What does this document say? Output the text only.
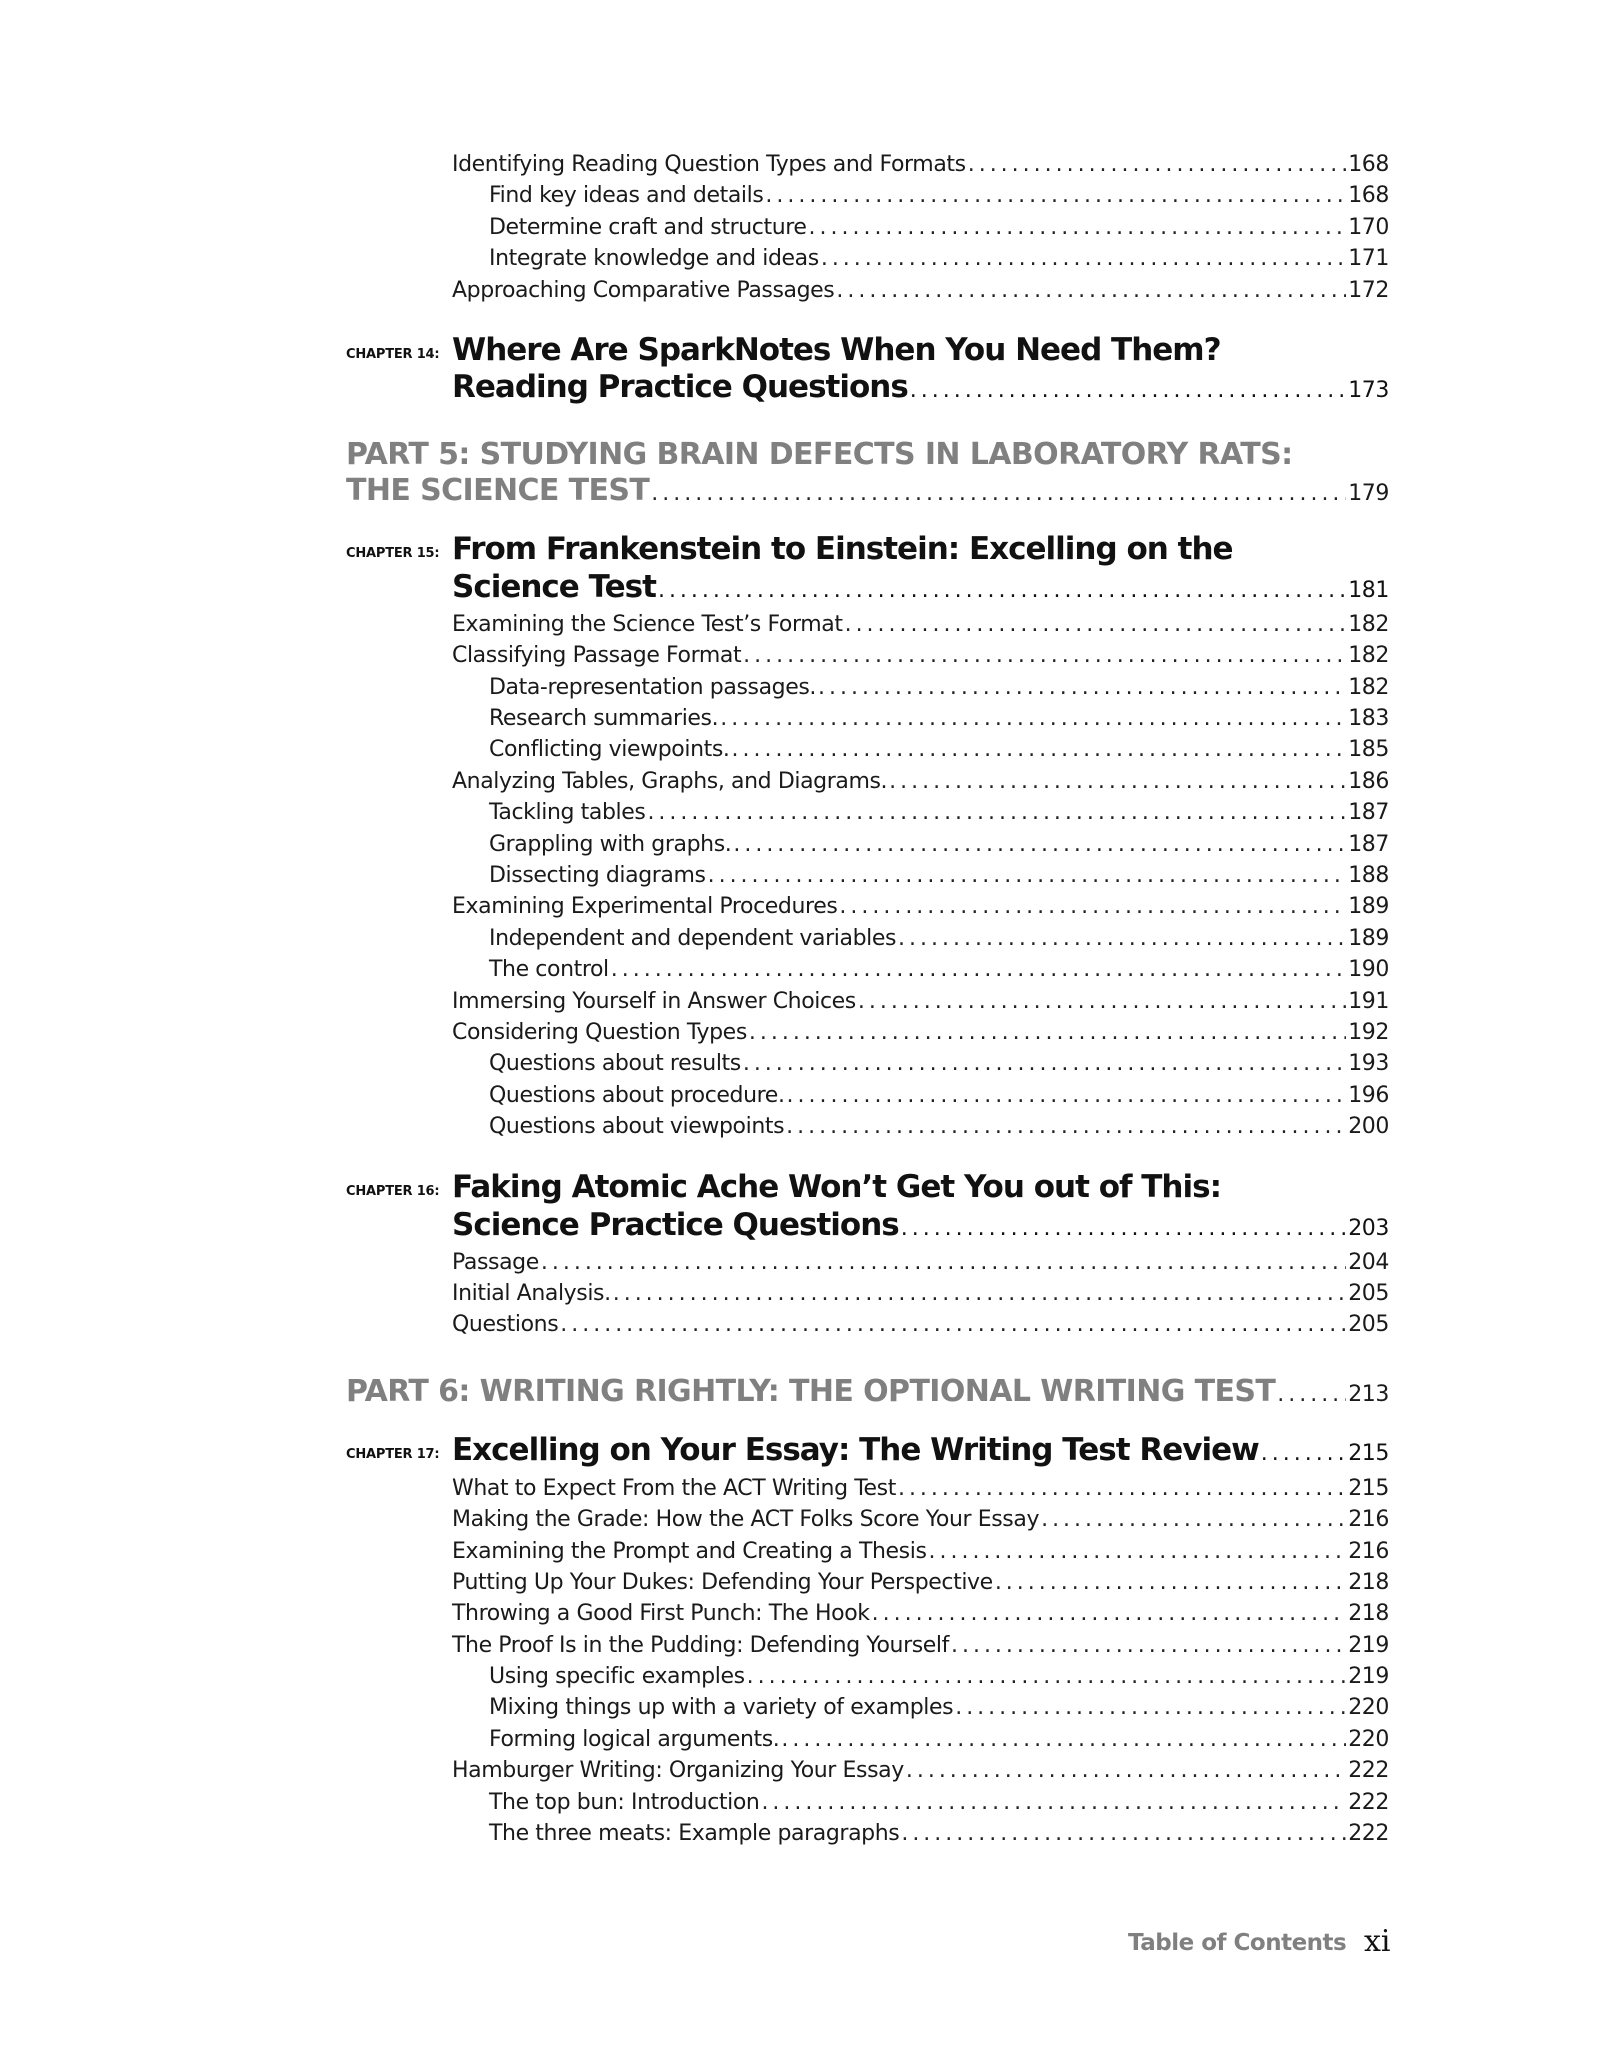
Identifying Reading Question Types and Formats . . .	168
Find key ideas and details . . .	168
Determine craft and structure . . .	170
Integrate knowledge and ideas . . .	171
Approaching Comparative Passages . . .	172
CHAPTER 14: Where Are SparkNotes When You Need Them?
Reading Practice Questions . . .	173
PART 5: STUDYING BRAIN DEFECTS IN LABORATORY RATS:
THE SCIENCE TEST . . .	179
CHAPTER 15: From Frankenstein to Einstein: Excelling on the
Science Test . . .	181
Examining the Science Test’s Format . . .	182
Classifying Passage Format . . .	182
Data-representation passages. . . .	182
Research summaries. . . .	183
Conflicting viewpoints. . . .	185
Analyzing Tables, Graphs, and Diagrams. . . .	186
Tackling tables . . .	187
Grappling with graphs. . . .	187
Dissecting diagrams . . .	188
Examining Experimental Procedures . . .	189
Independent and dependent variables . . .	189
The control . . .	190
Immersing Yourself in Answer Choices . . .	191
Considering Question Types . . .	192
Questions about results . . .	193
Questions about procedure. . . .	196
Questions about viewpoints . . .	200
CHAPTER 16: Faking Atomic Ache Won’t Get You out of This:
Science Practice Questions . . .	203
Passage . . .	204
Initial Analysis. . . .	205
Questions . . .	205
PART 6: WRITING RIGHTLY: THE OPTIONAL WRITING TEST . . .	213
CHAPTER 17: Excelling on Your Essay: The Writing Test Review . . .	215
What to Expect From the ACT Writing Test . . .	215
Making the Grade: How the ACT Folks Score Your Essay . . .	216
Examining the Prompt and Creating a Thesis . . .	216
Putting Up Your Dukes: Defending Your Perspective . . .	218
Throwing a Good First Punch: The Hook . . .	218
The Proof Is in the Pudding: Defending Yourself . . .	219
Using specific examples . . .	219
Mixing things up with a variety of examples . . .	220
Forming logical arguments. . . .	220
Hamburger Writing: Organizing Your Essay . . .	222
The top bun: Introduction . . .	222
The three meats: Example paragraphs . . .	222
Table of Contents xi
